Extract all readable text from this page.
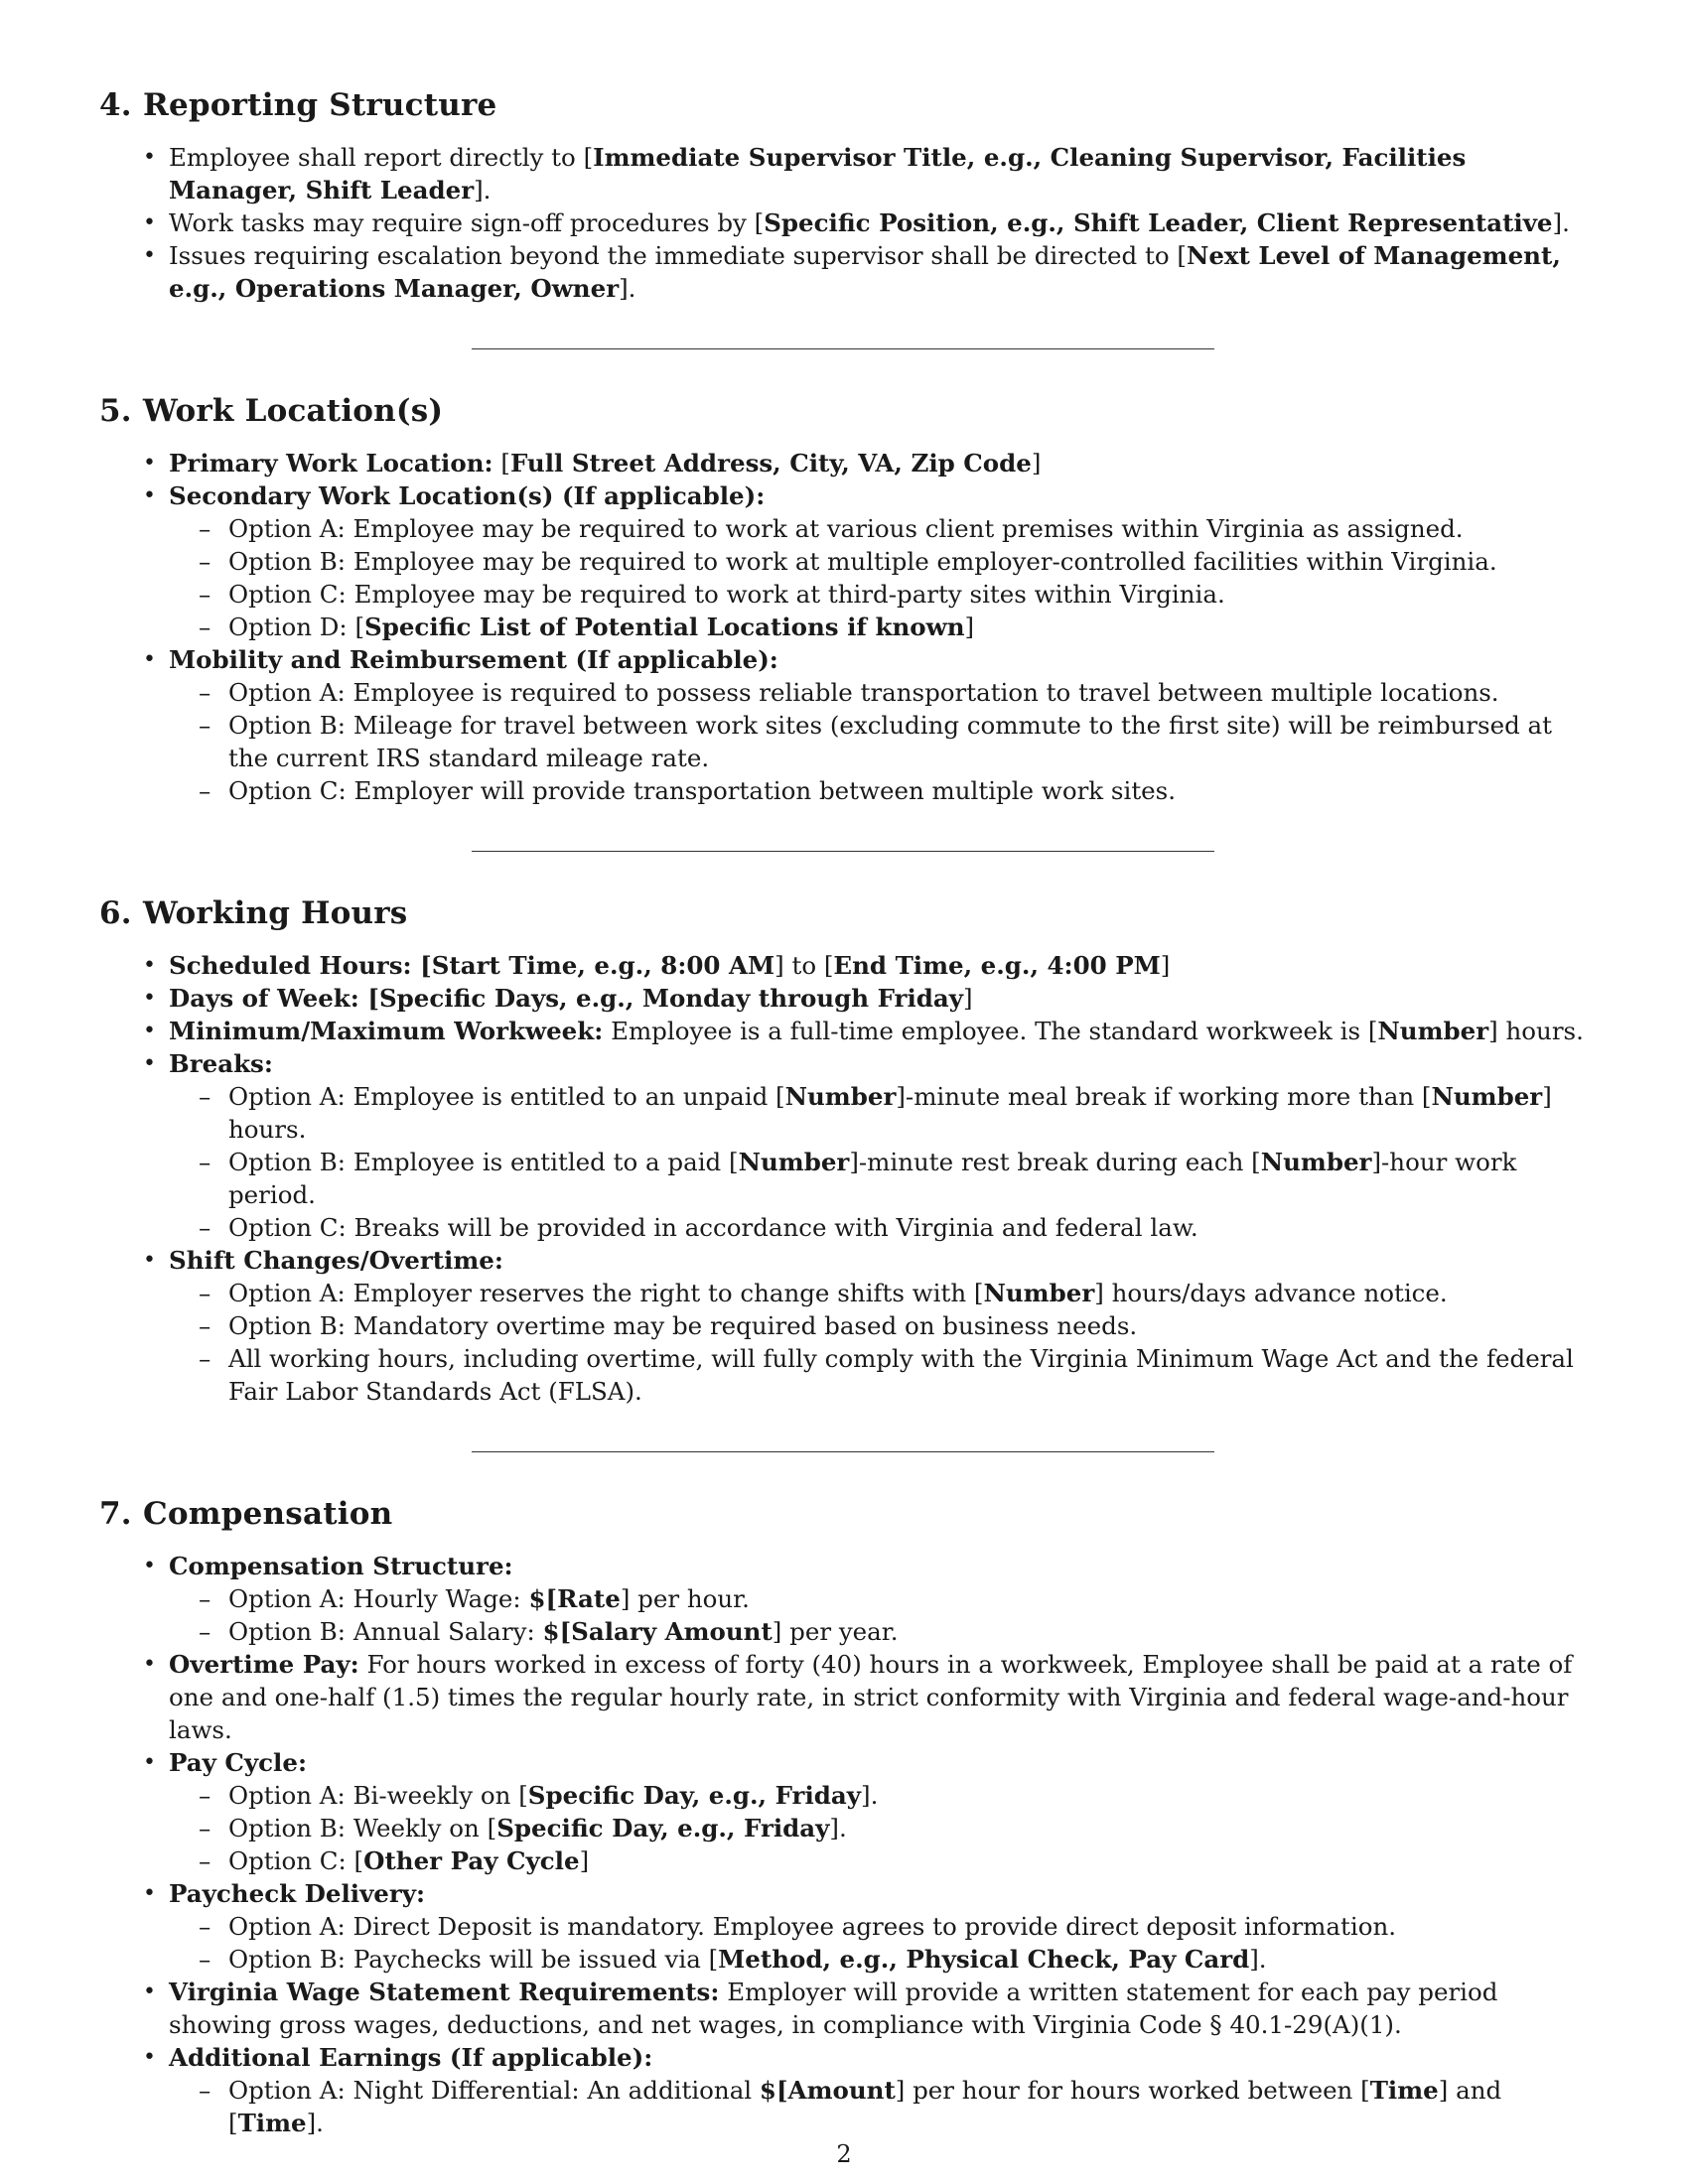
4. Reporting Structure
• Employee shall report directly to [Immediate Supervisor Title, e.g., Cleaning Supervisor, Facilities Manager, Shift Leader].
• Work tasks may require sign-off procedures by [Specific Position, e.g., Shift Leader, Client Representative].
• Issues requiring escalation beyond the immediate supervisor shall be directed to [Next Level of Management, e.g., Operations Manager, Owner].
5. Work Location(s)
• Primary Work Location: [Full Street Address, City, VA, Zip Code]
• Secondary Work Location(s) (If applicable):
– Option A: Employee may be required to work at various client premises within Virginia as assigned.
– Option B: Employee may be required to work at multiple employer-controlled facilities within Virginia.
– Option C: Employee may be required to work at third-party sites within Virginia.
– Option D: [Specific List of Potential Locations if known]
• Mobility and Reimbursement (If applicable):
– Option A: Employee is required to possess reliable transportation to travel between multiple locations.
– Option B: Mileage for travel between work sites (excluding commute to the first site) will be reimbursed at the current IRS standard mileage rate.
– Option C: Employer will provide transportation between multiple work sites.
6. Working Hours
• Scheduled Hours: [Start Time, e.g., 8:00 AM] to [End Time, e.g., 4:00 PM]
• Days of Week: [Specific Days, e.g., Monday through Friday]
• Minimum/Maximum Workweek: Employee is a full-time employee. The standard workweek is [Number] hours.
• Breaks:
– Option A: Employee is entitled to an unpaid [Number]-minute meal break if working more than [Number] hours.
– Option B: Employee is entitled to a paid [Number]-minute rest break during each [Number]-hour work period.
– Option C: Breaks will be provided in accordance with Virginia and federal law.
• Shift Changes/Overtime:
– Option A: Employer reserves the right to change shifts with [Number] hours/days advance notice.
– Option B: Mandatory overtime may be required based on business needs.
– All working hours, including overtime, will fully comply with the Virginia Minimum Wage Act and the federal Fair Labor Standards Act (FLSA).
7. Compensation
• Compensation Structure:
– Option A: Hourly Wage: $[Rate] per hour.
– Option B: Annual Salary: $[Salary Amount] per year.
• Overtime Pay: For hours worked in excess of forty (40) hours in a workweek, Employee shall be paid at a rate of one and one-half (1.5) times the regular hourly rate, in strict conformity with Virginia and federal wage-and-hour laws.
• Pay Cycle:
– Option A: Bi-weekly on [Specific Day, e.g., Friday].
– Option B: Weekly on [Specific Day, e.g., Friday].
– Option C: [Other Pay Cycle]
• Paycheck Delivery:
– Option A: Direct Deposit is mandatory. Employee agrees to provide direct deposit information.
– Option B: Paychecks will be issued via [Method, e.g., Physical Check, Pay Card].
• Virginia Wage Statement Requirements: Employer will provide a written statement for each pay period showing gross wages, deductions, and net wages, in compliance with Virginia Code § 40.1-29(A)(1).
• Additional Earnings (If applicable):
– Option A: Night Differential: An additional $[Amount] per hour for hours worked between [Time] and [Time].
2
